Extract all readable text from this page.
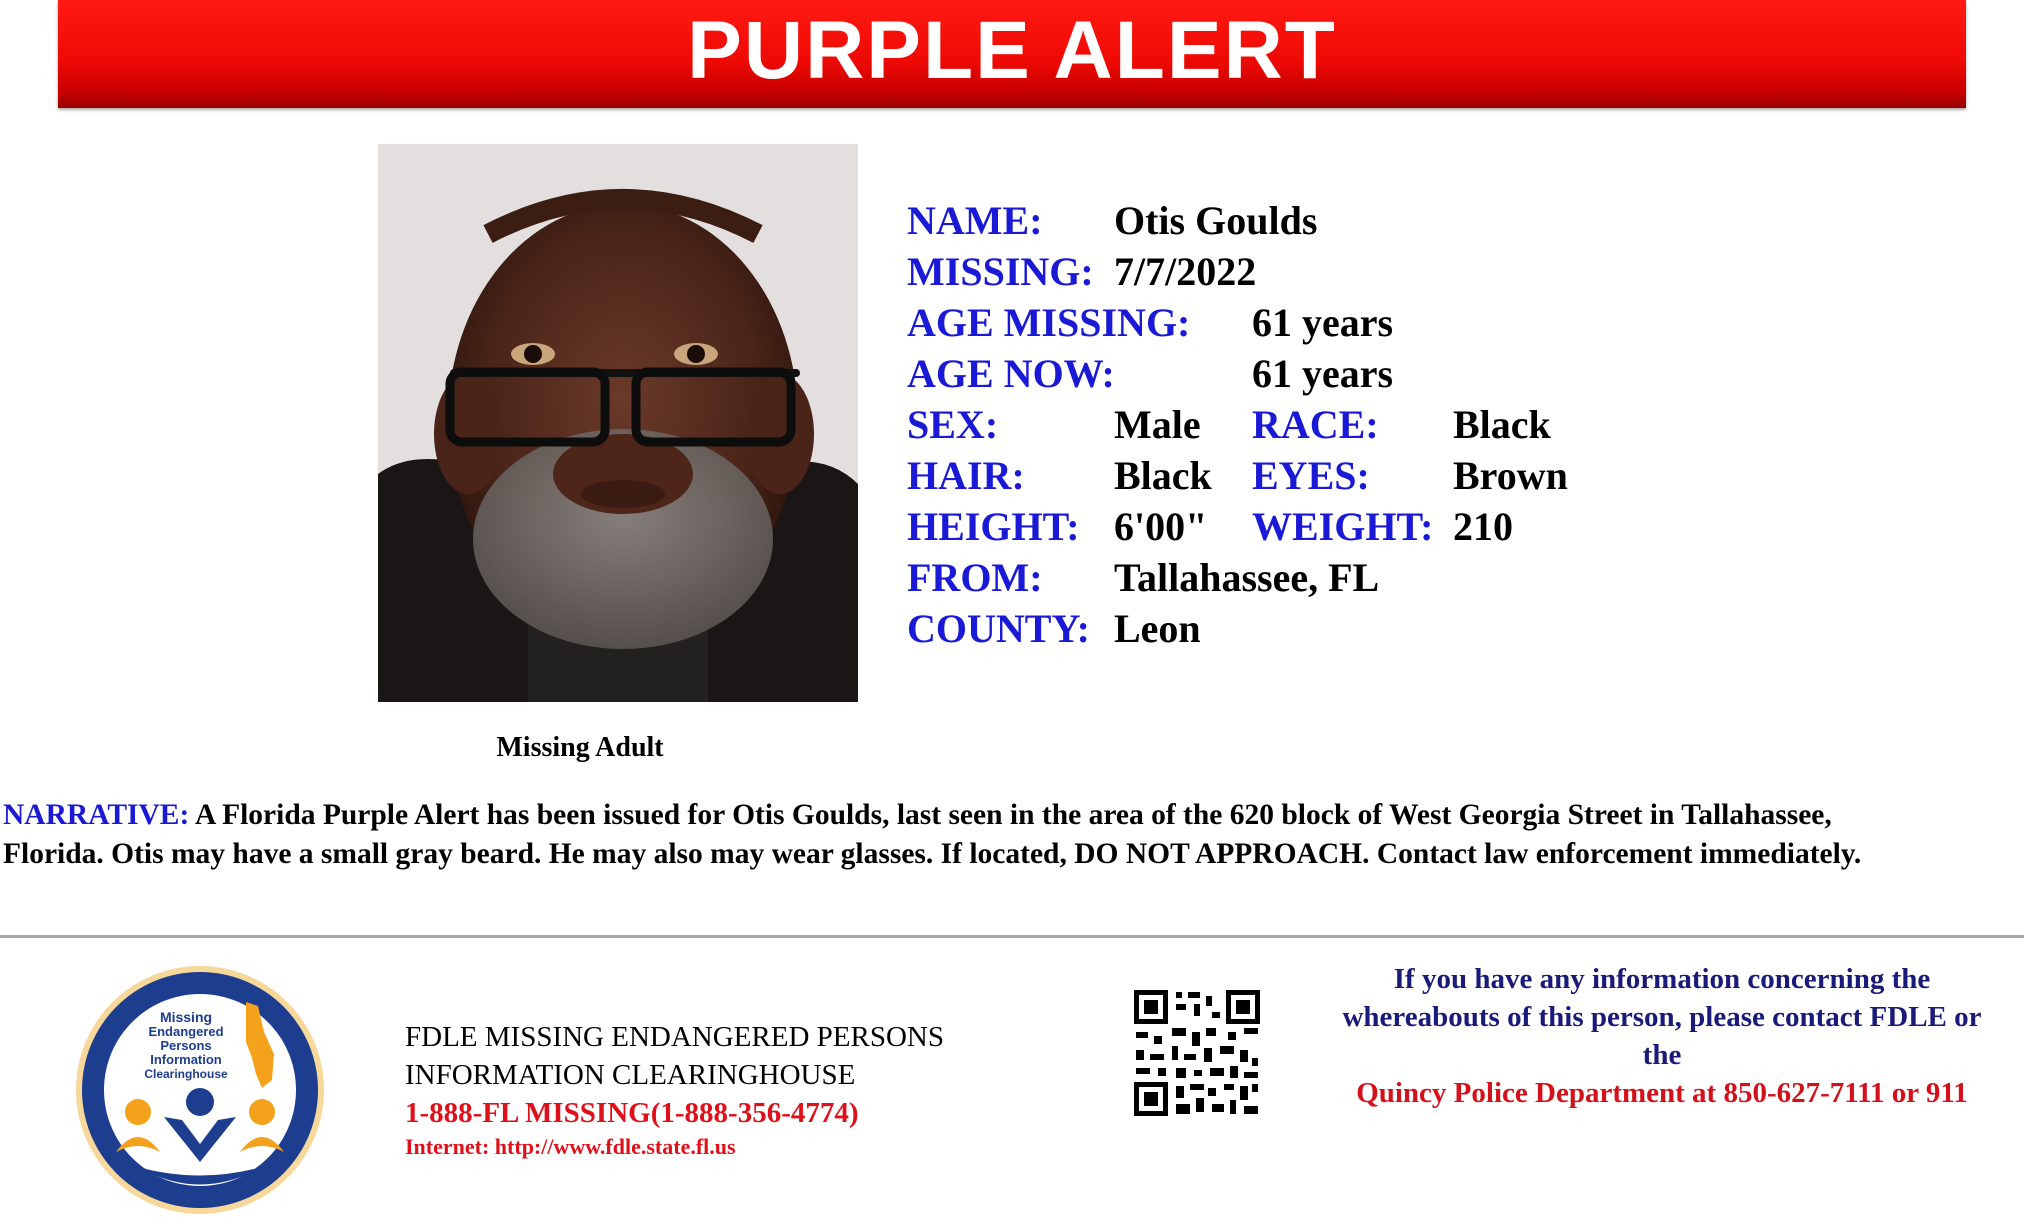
PURPLE ALERT
Missing Adult
NAME: Otis Goulds
MISSING: 7/7/2022
AGE MISSING: 61 years
AGE NOW:	61 years
SEX:	Male RACE: Black
HAIR: Black EYES: Brown
HEIGHT: 6'00" WEIGHT: 210
FROM: Tallahassee, FL
COUNTY: Leon
NARRATIVE: A Florida Purple Alert has been issued for Otis Goulds, last seen in the area of the 620 block of West Georgia Street in Tallahassee,
Florida. Otis may have a small gray beard. He may also may wear glasses. If located, DO NOT APPROACH. Contact law enforcement immediately.
Missing
Endangered
Persons
Information
Clearinghouse
FDLE MISSING ENDANGERED PERSONS
INFORMATION CLEARINGHOUSE
1-888-FL MISSING(1-888-356-4774)
Internet: http://www.fdle.state.fl.us
If you have any information concerning the
whereabouts of this person, please contact FDLE or
the
Quincy Police Department at 850-627-7111 or 911
